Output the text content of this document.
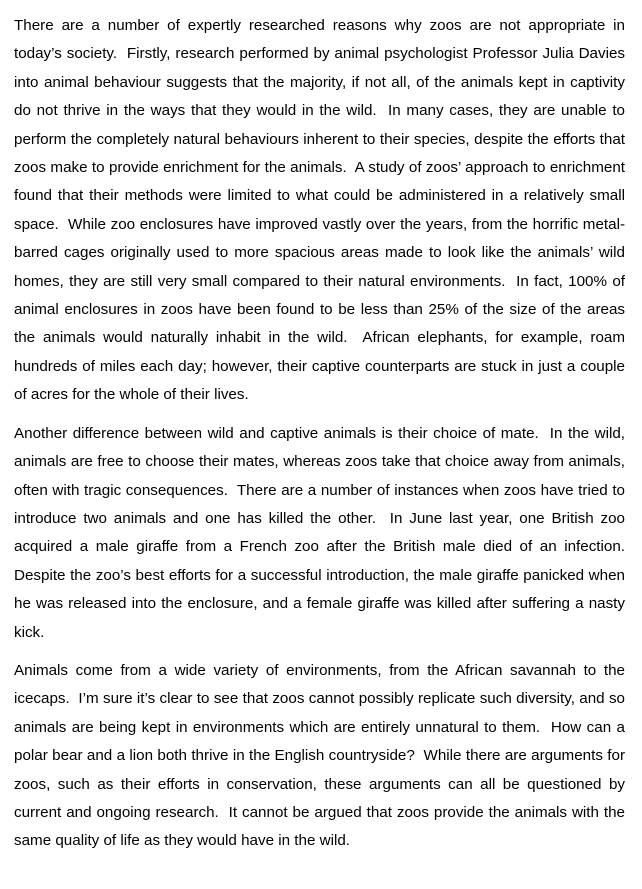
There are a number of expertly researched reasons why zoos are not appropriate in today’s society.  Firstly, research performed by animal psychologist Professor Julia Davies into animal behaviour suggests that the majority, if not all, of the animals kept in captivity do not thrive in the ways that they would in the wild.  In many cases, they are unable to perform the completely natural behaviours inherent to their species, despite the efforts that zoos make to provide enrichment for the animals.  A study of zoos’ approach to enrichment found that their methods were limited to what could be administered in a relatively small space.  While zoo enclosures have improved vastly over the years, from the horrific metal-barred cages originally used to more spacious areas made to look like the animals’ wild homes, they are still very small compared to their natural environments.  In fact, 100% of animal enclosures in zoos have been found to be less than 25% of the size of the areas the animals would naturally inhabit in the wild.  African elephants, for example, roam hundreds of miles each day; however, their captive counterparts are stuck in just a couple of acres for the whole of their lives.

Another difference between wild and captive animals is their choice of mate.  In the wild, animals are free to choose their mates, whereas zoos take that choice away from animals, often with tragic consequences.  There are a number of instances when zoos have tried to introduce two animals and one has killed the other.  In June last year, one British zoo acquired a male giraffe from a French zoo after the British male died of an infection.  Despite the zoo’s best efforts for a successful introduction, the male giraffe panicked when he was released into the enclosure, and a female giraffe was killed after suffering a nasty kick.

Animals come from a wide variety of environments, from the African savannah to the icecaps.  I’m sure it’s clear to see that zoos cannot possibly replicate such diversity, and so animals are being kept in environments which are entirely unnatural to them.  How can a polar bear and a lion both thrive in the English countryside?  While there are arguments for zoos, such as their efforts in conservation, these arguments can all be questioned by current and ongoing research.  It cannot be argued that zoos provide the animals with the same quality of life as they would have in the wild.
